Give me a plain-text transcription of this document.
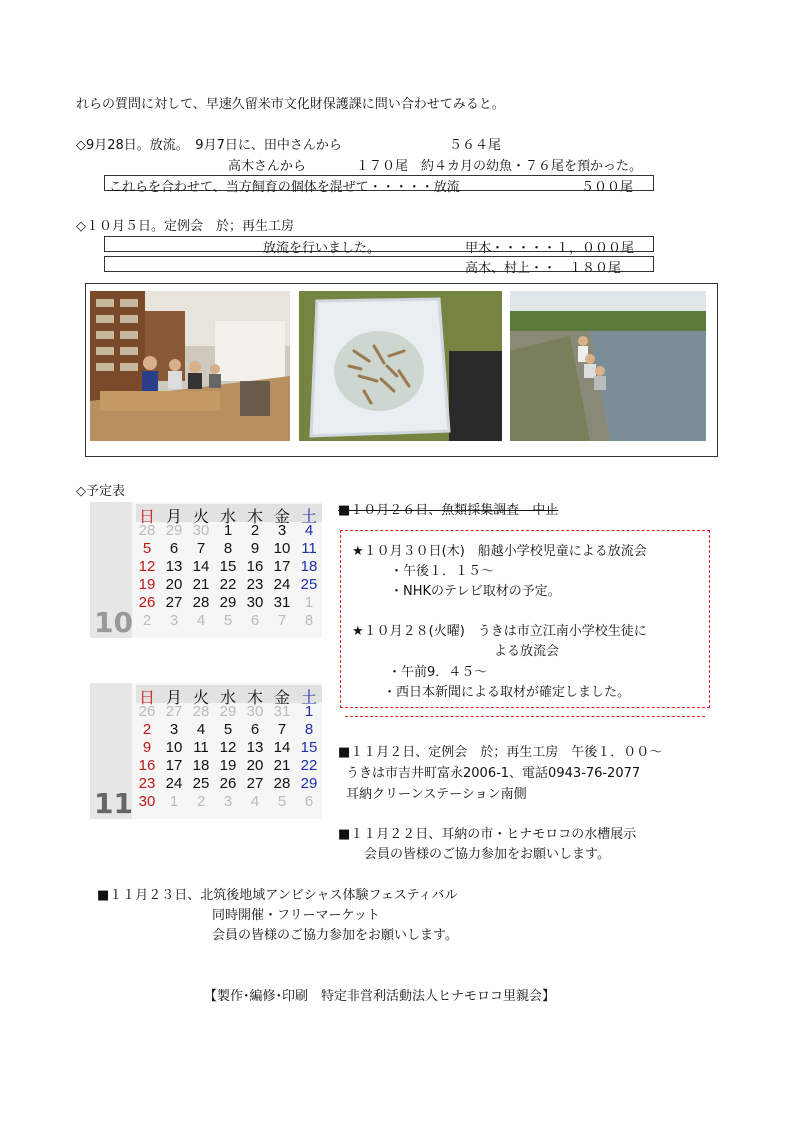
れらの質問に対して、早速久留米市文化財保護課に問い合わせてみると。
◇9月28日。放流。　9月7日に、田中さんから	５６４尾
高木さんから	１７０尾　約４カ月の幼魚・７６尾を預かった。
これらを合わせて、当方飼育の個体を混ぜて・・・・・放流	５００尾
◇１０月５日。定例会　於；再生工房
放流を行いました。	甲木・・・・・１，０００尾
高木、村上・・　１８０尾
◇予定表
10
日 月 火 水 木 金 土
28 29 30 1	2	3	4
5	6	7	8	9 10 11
12 13 14 15 16 17 18
19 20 21 22 23 24 25
26 27 28 29 30 31 1
2	3	4	5	6	7	8
11
日 月 火 水 木 金 土
26 27 28 29 30 31 1
2	3	4	5	6	7	8
9 10 11 12 13 14 15
16 17 18 19 20 21 22
23 24 25 26 27 28 29
30 1	2	3	4	5	6
■１０月２６日、魚類採集調査　中止
★１０月３０日(木)　船越小学校児童による放流会
・午後１．１５～
・NHKのテレビ取材の予定。
★１０月２８(火曜)　うきは市立江南小学校生徒に
よる放流会
・午前9．４５～
・西日本新聞による取材が確定しました。
■１１月２日、定例会　於；再生工房　午後１．００～
うきは市吉井町富永2006-1、電話0943-76-2077
耳納クリーンステーション南側
■１１月２２日、耳納の市・ヒナモロコの水槽展示
会員の皆様のご協力参加をお願いします。
■１１月２３日、北筑後地域アンビシャス体験フェスティバル
同時開催・フリーマーケット
会員の皆様のご協力参加をお願いします。
【製作･編修･印刷　特定非営利活動法人ヒナモロコ里親会】
